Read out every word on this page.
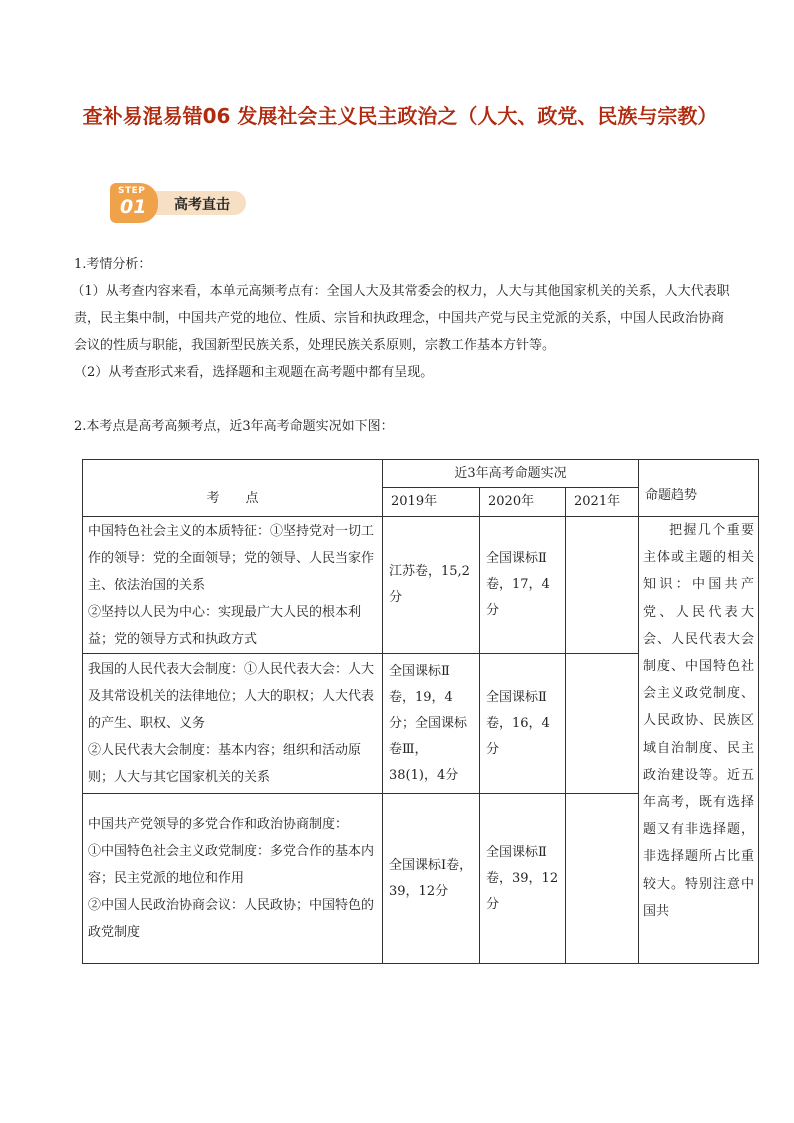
查补易混易错06 发展社会主义民主政治之（人大、政党、民族与宗教）
高考直击
STEP
01
1.考情分析：
（1）从考查内容来看，本单元高频考点有：全国人大及其常委会的权力，人大与其他国家机关的关系，人大代表职责，民主集中制，中国共产党的地位、性质、宗旨和执政理念，中国共产党与民主党派的关系，中国人民政治协商会议的性质与职能，我国新型民族关系，处理民族关系原则，宗教工作基本方针等。
（2）从考查形式来看，选择题和主观题在高考题中都有呈现。
2.本考点是高考高频考点，近3年高考命题实况如下图：
考　　点	近3年高考命题实况			命题趋势
	2019年	2020年	2021年	
中国特色社会主义的本质特征：①坚持党对一切工作的领导：党的全面领导；党的领导、人民当家作主、依法治国的关系
②坚持以人民为中心：实现最广大人民的根本利益；党的领导方式和执政方式	江苏卷，15,2分	全国课标Ⅱ卷，17，4分		把握几个重要主体或主题的相关知识：中国共产党、人民代表大会、人民代表大会制度、中国特色社会主义政党制度、人民政协、民族区域自治制度、民主政治建设等。近五年高考，既有选择题又有非选择题，非选择题所占比重较大。特别注意中国共

我国的人民代表大会制度：①人民代表大会：人大及其常设机关的法律地位；人大的职权；人大代表的产生、职权、义务
②人民代表大会制度：基本内容；组织和活动原则；人大与其它国家机关的关系	全国课标Ⅱ卷，19，4分；全国课标卷Ⅲ，38(1)，4分	全国课标Ⅱ卷，16，4分		
中国共产党领导的多党合作和政治协商制度：
①中国特色社会主义政党制度：多党合作的基本内容；民主党派的地位和作用
②中国人民政治协商会议：人民政协；中国特色的政党制度	全国课标Ⅰ卷，39，12分	全国课标Ⅱ卷，39，12分		
